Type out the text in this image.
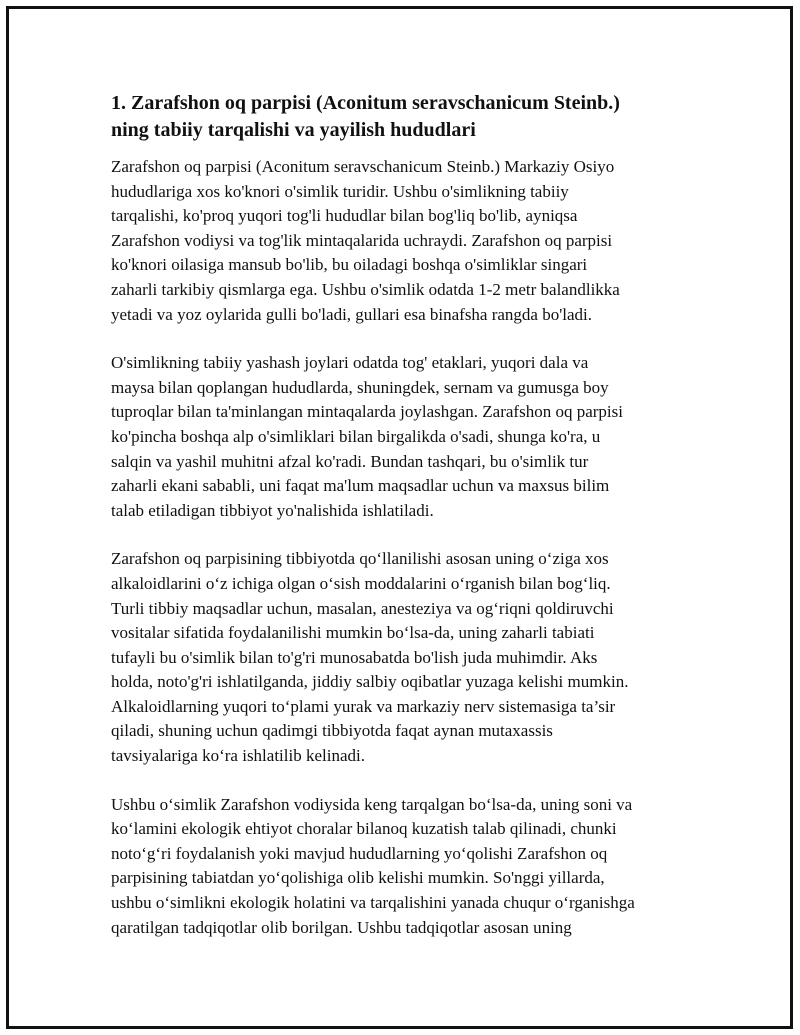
1. Zarafshon oq parpisi (Aconitum seravschanicum Steinb.)
ning tabiiy tarqalishi va yayilish hududlari

Zarafshon oq parpisi (Aconitum seravschanicum Steinb.) Markaziy Osiyo
hududlariga xos ko'knori o'simlik turidir. Ushbu o'simlikning tabiiy
tarqalishi, ko'proq yuqori tog'li hududlar bilan bog'liq bo'lib, ayniqsa
Zarafshon vodiysi va tog'lik mintaqalarida uchraydi. Zarafshon oq parpisi
ko'knori oilasiga mansub bo'lib, bu oiladagi boshqa o'simliklar singari
zaharli tarkibiy qismlarga ega. Ushbu o'simlik odatda 1-2 metr balandlikka
yetadi va yoz oylarida gulli bo'ladi, gullari esa binafsha rangda bo'ladi.

O'simlikning tabiiy yashash joylari odatda tog' etaklari, yuqori dala va
maysa bilan qoplangan hududlarda, shuningdek, sernam va gumusga boy
tuproqlar bilan ta'minlangan mintaqalarda joylashgan. Zarafshon oq parpisi
ko'pincha boshqa alp o'simliklari bilan birgalikda o'sadi, shunga ko'ra, u
salqin va yashil muhitni afzal ko'radi. Bundan tashqari, bu o'simlik tur
zaharli ekani sababli, uni faqat ma'lum maqsadlar uchun va maxsus bilim
talab etiladigan tibbiyot yo'nalishida ishlatiladi.

Zarafshon oq parpisining tibbiyotda qo‘llanilishi asosan uning o‘ziga xos
alkaloidlarini o‘z ichiga olgan o‘sish moddalarini o‘rganish bilan bog‘liq.
Turli tibbiy maqsadlar uchun, masalan, anesteziya va og‘riqni qoldiruvchi
vositalar sifatida foydalanilishi mumkin bo‘lsa-da, uning zaharli tabiati
tufayli bu o'simlik bilan to'g'ri munosabatda bo'lish juda muhimdir. Aks
holda, noto'g'ri ishlatilganda, jiddiy salbiy oqibatlar yuzaga kelishi mumkin.
Alkaloidlarning yuqori to‘plami yurak va markaziy nerv sistemasiga ta’sir
qiladi, shuning uchun qadimgi tibbiyotda faqat aynan mutaxassis
tavsiyalariga ko‘ra ishlatilib kelinadi.

Ushbu o‘simlik Zarafshon vodiysida keng tarqalgan bo‘lsa-da, uning soni va
ko‘lamini ekologik ehtiyot choralar bilanoq kuzatish talab qilinadi, chunki
noto‘g‘ri foydalanish yoki mavjud hududlarning yo‘qolishi Zarafshon oq
parpisining tabiatdan yo‘qolishiga olib kelishi mumkin. So'nggi yillarda,
ushbu o‘simlikni ekologik holatini va tarqalishini yanada chuqur o‘rganishga
qaratilgan tadqiqotlar olib borilgan. Ushbu tadqiqotlar asosan uning
